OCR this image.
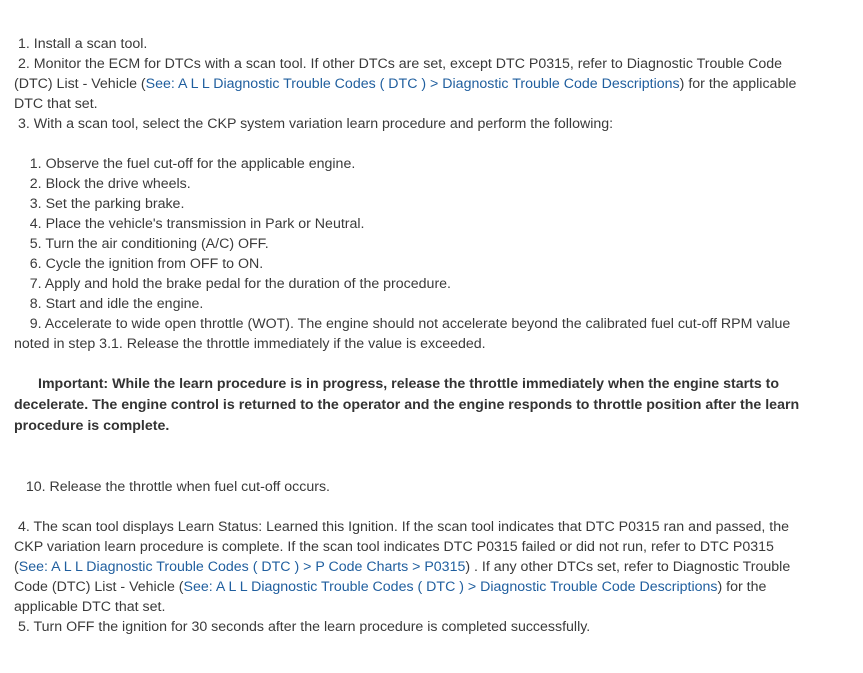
1. Install a scan tool.

2. Monitor the ECM for DTCs with a scan tool. If other DTCs are set, except DTC P0315, refer to Diagnostic Trouble Code (DTC) List - Vehicle (See: A L L Diagnostic Trouble Codes ( DTC ) > Diagnostic Trouble Code Descriptions) for the applicable DTC that set.

3. With a scan tool, select the CKP system variation learn procedure and perform the following:

1. Observe the fuel cut-off for the applicable engine.

2. Block the drive wheels.

3. Set the parking brake.

4. Place the vehicle's transmission in Park or Neutral.

5. Turn the air conditioning (A/C) OFF.

6. Cycle the ignition from OFF to ON.

7. Apply and hold the brake pedal for the duration of the procedure.

8. Start and idle the engine.

9. Accelerate to wide open throttle (WOT). The engine should not accelerate beyond the calibrated fuel cut-off RPM value noted in step 3.1. Release the throttle immediately if the value is exceeded.

Important: While the learn procedure is in progress, release the throttle immediately when the engine starts to decelerate. The engine control is returned to the operator and the engine responds to throttle position after the learn procedure is complete.

10. Release the throttle when fuel cut-off occurs.

4. The scan tool displays Learn Status: Learned this Ignition. If the scan tool indicates that DTC P0315 ran and passed, the CKP variation learn procedure is complete. If the scan tool indicates DTC P0315 failed or did not run, refer to DTC P0315 (See: A L L Diagnostic Trouble Codes ( DTC ) > P Code Charts > P0315) . If any other DTCs set, refer to Diagnostic Trouble Code (DTC) List - Vehicle (See: A L L Diagnostic Trouble Codes ( DTC ) > Diagnostic Trouble Code Descriptions) for the applicable DTC that set.

5. Turn OFF the ignition for 30 seconds after the learn procedure is completed successfully.
